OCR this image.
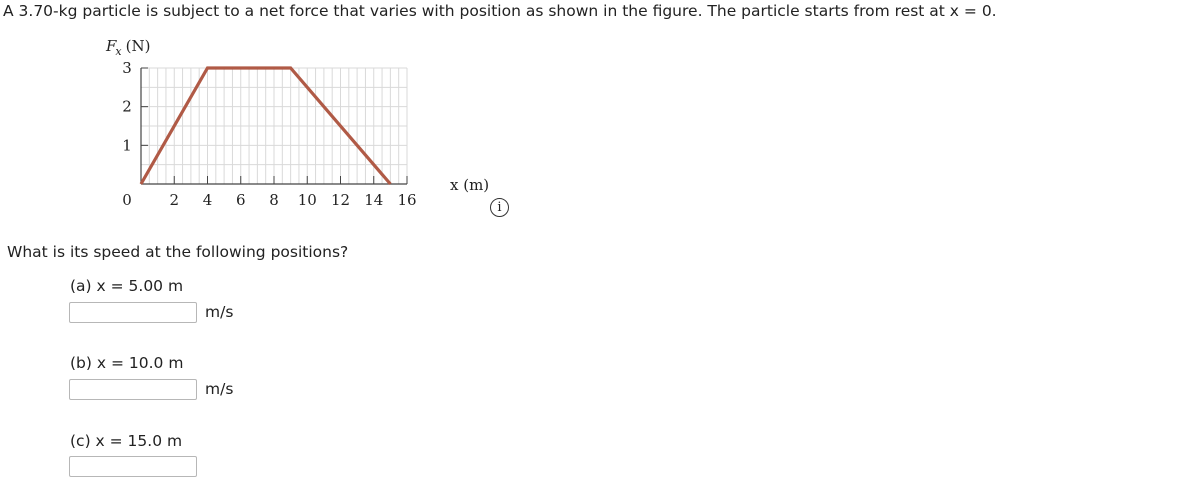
A 3.70-kg particle is subject to a net force that varies with position as shown in the figure. The particle starts from rest at x = 0.
1
2
3
0	2 4 6 8 10 12 14 16
Fx (N)
x (m)
i
What is its speed at the following positions?
(a) x = 5.00 m
m/s
(b) x = 10.0 m
m/s
(c) x = 15.0 m
